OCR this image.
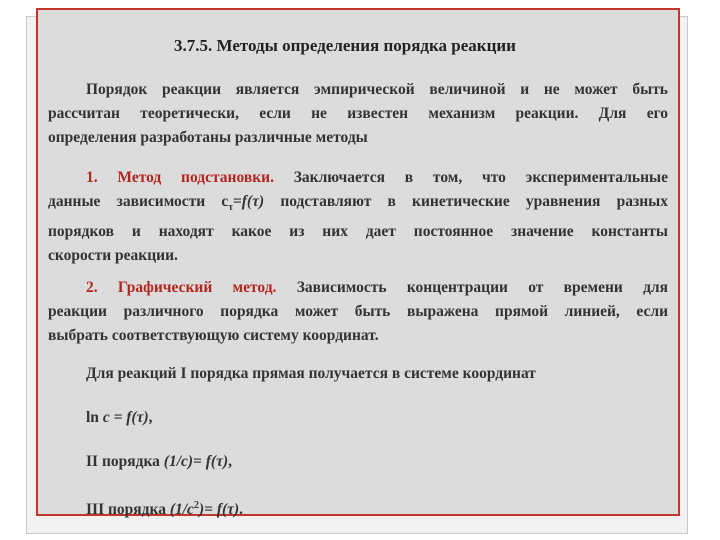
3.7.5. Методы определения порядка реакции
Порядок реакции является эмпирической величиной и не может быть
рассчитан теоретически, если не известен механизм реакции. Для его
определения разработаны различные методы
1. Метод подстановки. Заключается в том, что экспериментальные
данные зависимости $с_\tau=f(\tau)$ подставляют в кинетические уравнения разных
порядков и находят какое из них дает постоянное значение константы
скорости реакции.
2. Графический метод. Зависимость концентрации от времени для
реакции различного порядка может быть выражена прямой линией, если
выбрать соответствующую систему координат.
Для реакций I порядка прямая получается в системе координат
ln c = f(τ),
II порядка (1/c)= f(τ),
III порядка $(1/c^2)= f(\tau)$.
